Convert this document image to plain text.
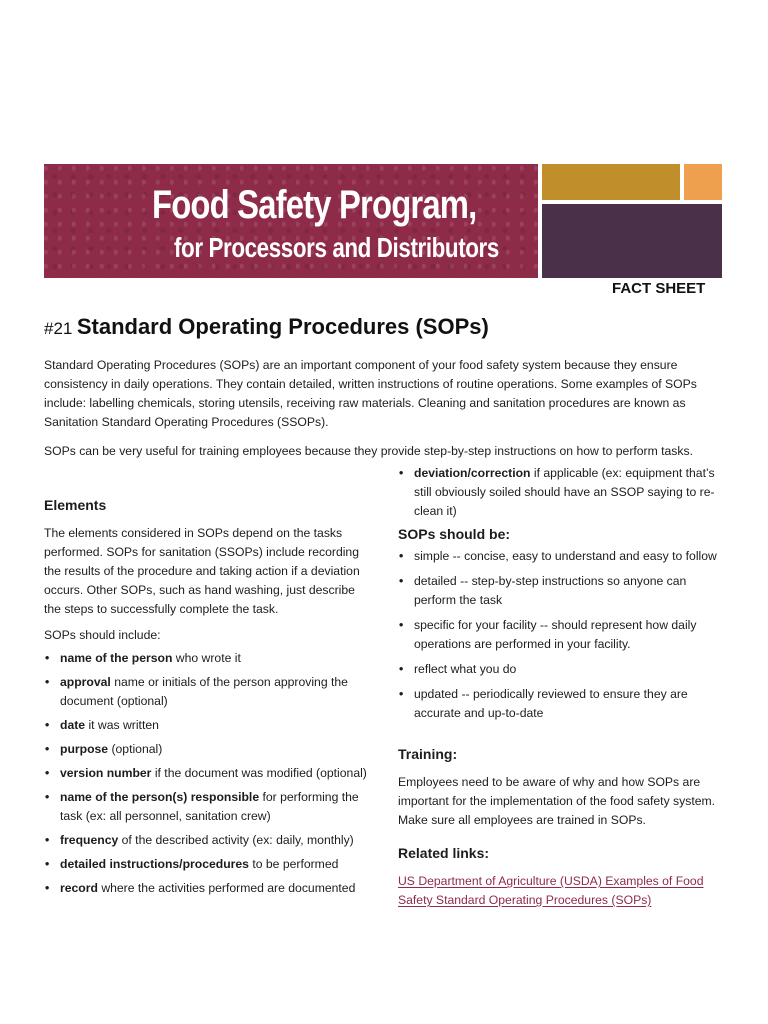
Food Safety Program,
for Processors and Distributors
FACT SHEET
#21 Standard Operating Procedures (SOPs)

Standard Operating Procedures (SOPs) are an important component of your food safety system because they ensure consistency in daily operations. They contain detailed, written instructions of routine operations. Some examples of SOPs include: labelling chemicals, storing utensils, receiving raw materials. Cleaning and sanitation procedures are known as Sanitation Standard Operating Procedures (SSOPs).

SOPs can be very useful for training employees because they provide step-by-step instructions on how to perform tasks.

Elements

The elements considered in SOPs depend on the tasks performed. SOPs for sanitation (SSOPs) include recording the results of the procedure and taking action if a deviation occurs. Other SOPs, such as hand washing, just describe the steps to successfully complete the task.

SOPs should include:

• name of the person who wrote it
• approval name or initials of the person approving the document (optional)
• date it was written
• purpose (optional)
• version number if the document was modified (optional)
• name of the person(s) responsible for performing the task (ex: all personnel, sanitation crew)
• frequency of the described activity (ex: daily, monthly)
• detailed instructions/procedures to be performed
• record where the activities performed are documented
• deviation/correction if applicable (ex: equipment that’s still obviously soiled should have an SSOP saying to re-clean it)
SOPs should be:
• simple -- concise, easy to understand and easy to follow
• detailed -- step-by-step instructions so anyone can perform the task
• specific for your facility -- should represent how daily operations are performed in your facility.
• reflect what you do
• updated -- periodically reviewed to ensure they are accurate and up-to-date
Training:

Employees need to be aware of why and how SOPs are important for the implementation of the food safety system. Make sure all employees are trained in SOPs.

Related links:
US Department of Agriculture (USDA) Examples of Food Safety Standard Operating Procedures (SOPs)
